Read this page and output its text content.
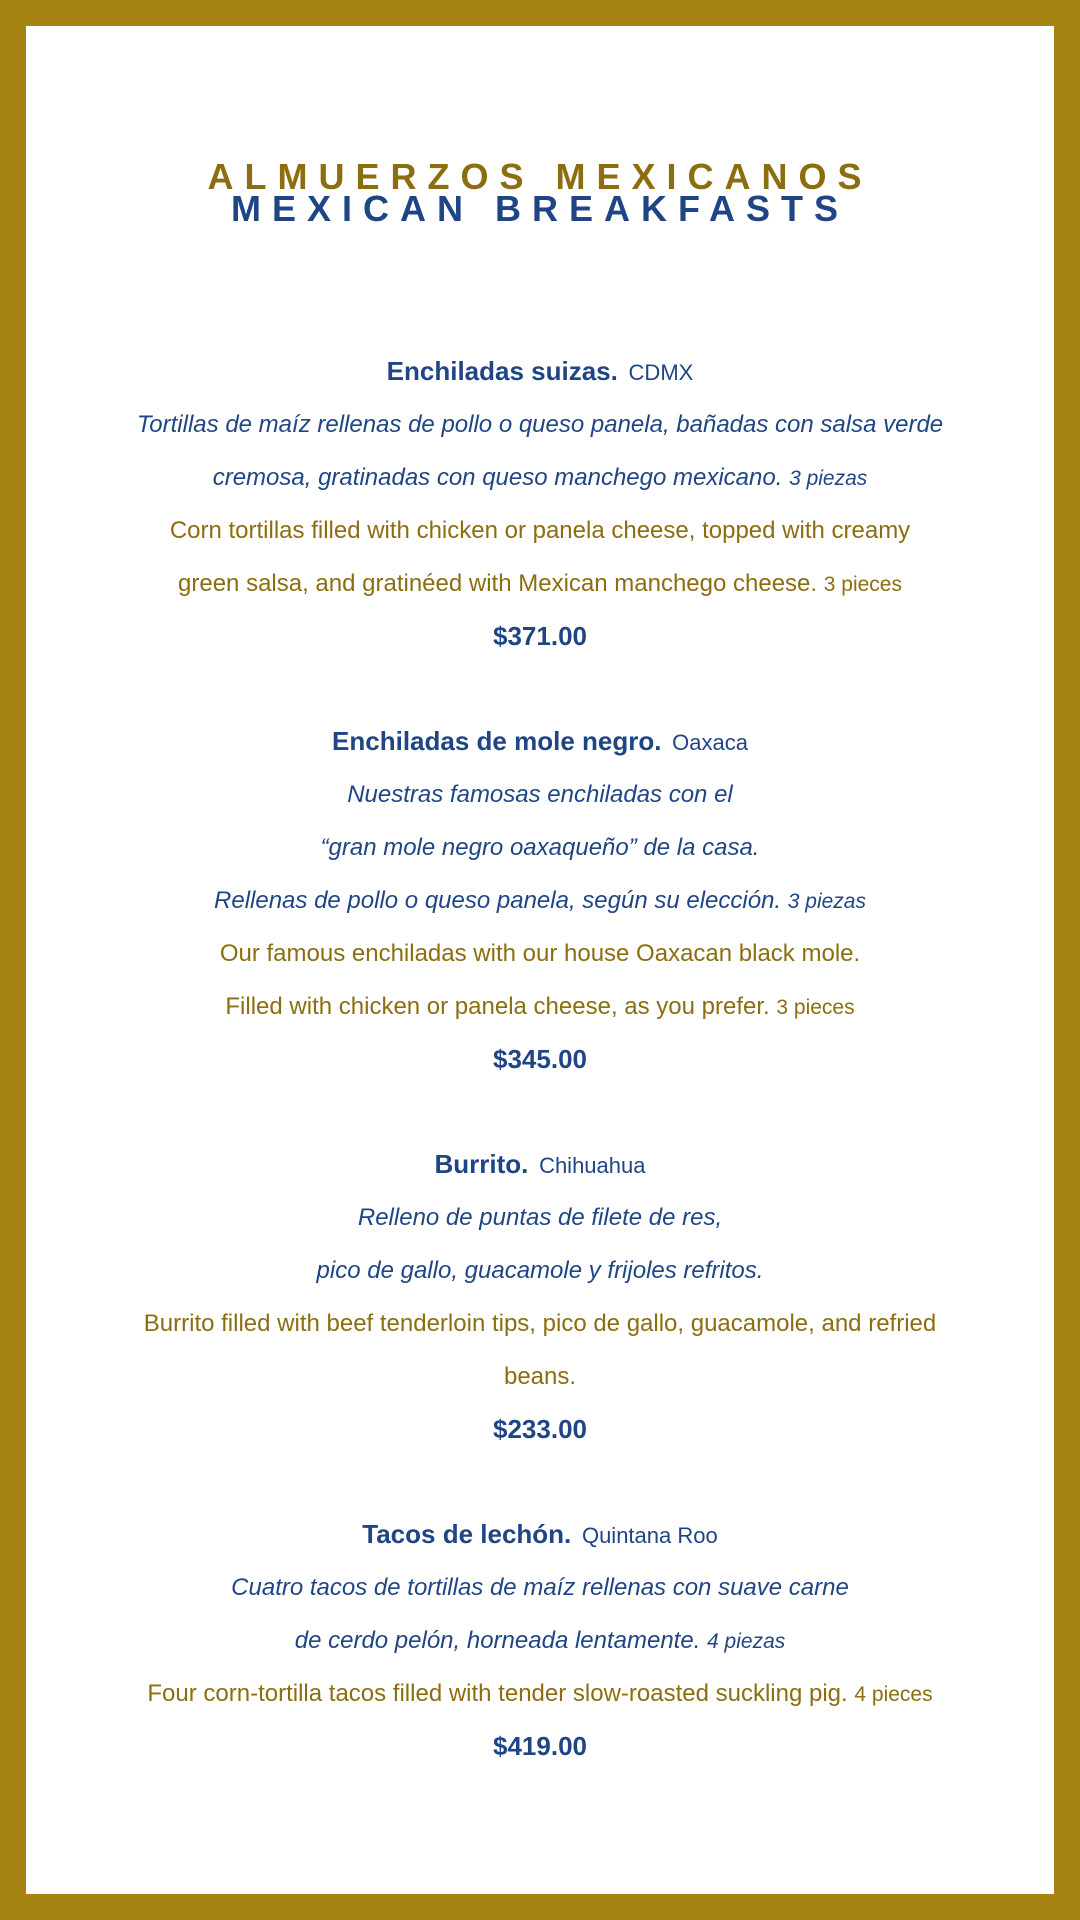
ALMUERZOS MEXICANOS
MEXICAN BREAKFASTS
Enchiladas suizas. CDMX
Tortillas de maíz rellenas de pollo o queso panela, bañadas con salsa verde
cremosa, gratinadas con queso manchego mexicano. 3 piezas
Corn tortillas filled with chicken or panela cheese, topped with creamy
green salsa, and gratinéed with Mexican manchego cheese. 3 pieces
$371.00
Enchiladas de mole negro. Oaxaca
Nuestras famosas enchiladas con el
“gran mole negro oaxaqueño” de la casa.
Rellenas de pollo o queso panela, según su elección. 3 piezas
Our famous enchiladas with our house Oaxacan black mole.
Filled with chicken or panela cheese, as you prefer. 3 pieces
$345.00
Burrito. Chihuahua
Relleno de puntas de filete de res,
pico de gallo, guacamole y frijoles refritos.
Burrito filled with beef tenderloin tips, pico de gallo, guacamole, and refried
beans.
$233.00
Tacos de lechón. Quintana Roo
Cuatro tacos de tortillas de maíz rellenas con suave carne
de cerdo pelón, horneada lentamente. 4 piezas
Four corn-tortilla tacos filled with tender slow-roasted suckling pig. 4 pieces
$419.00
